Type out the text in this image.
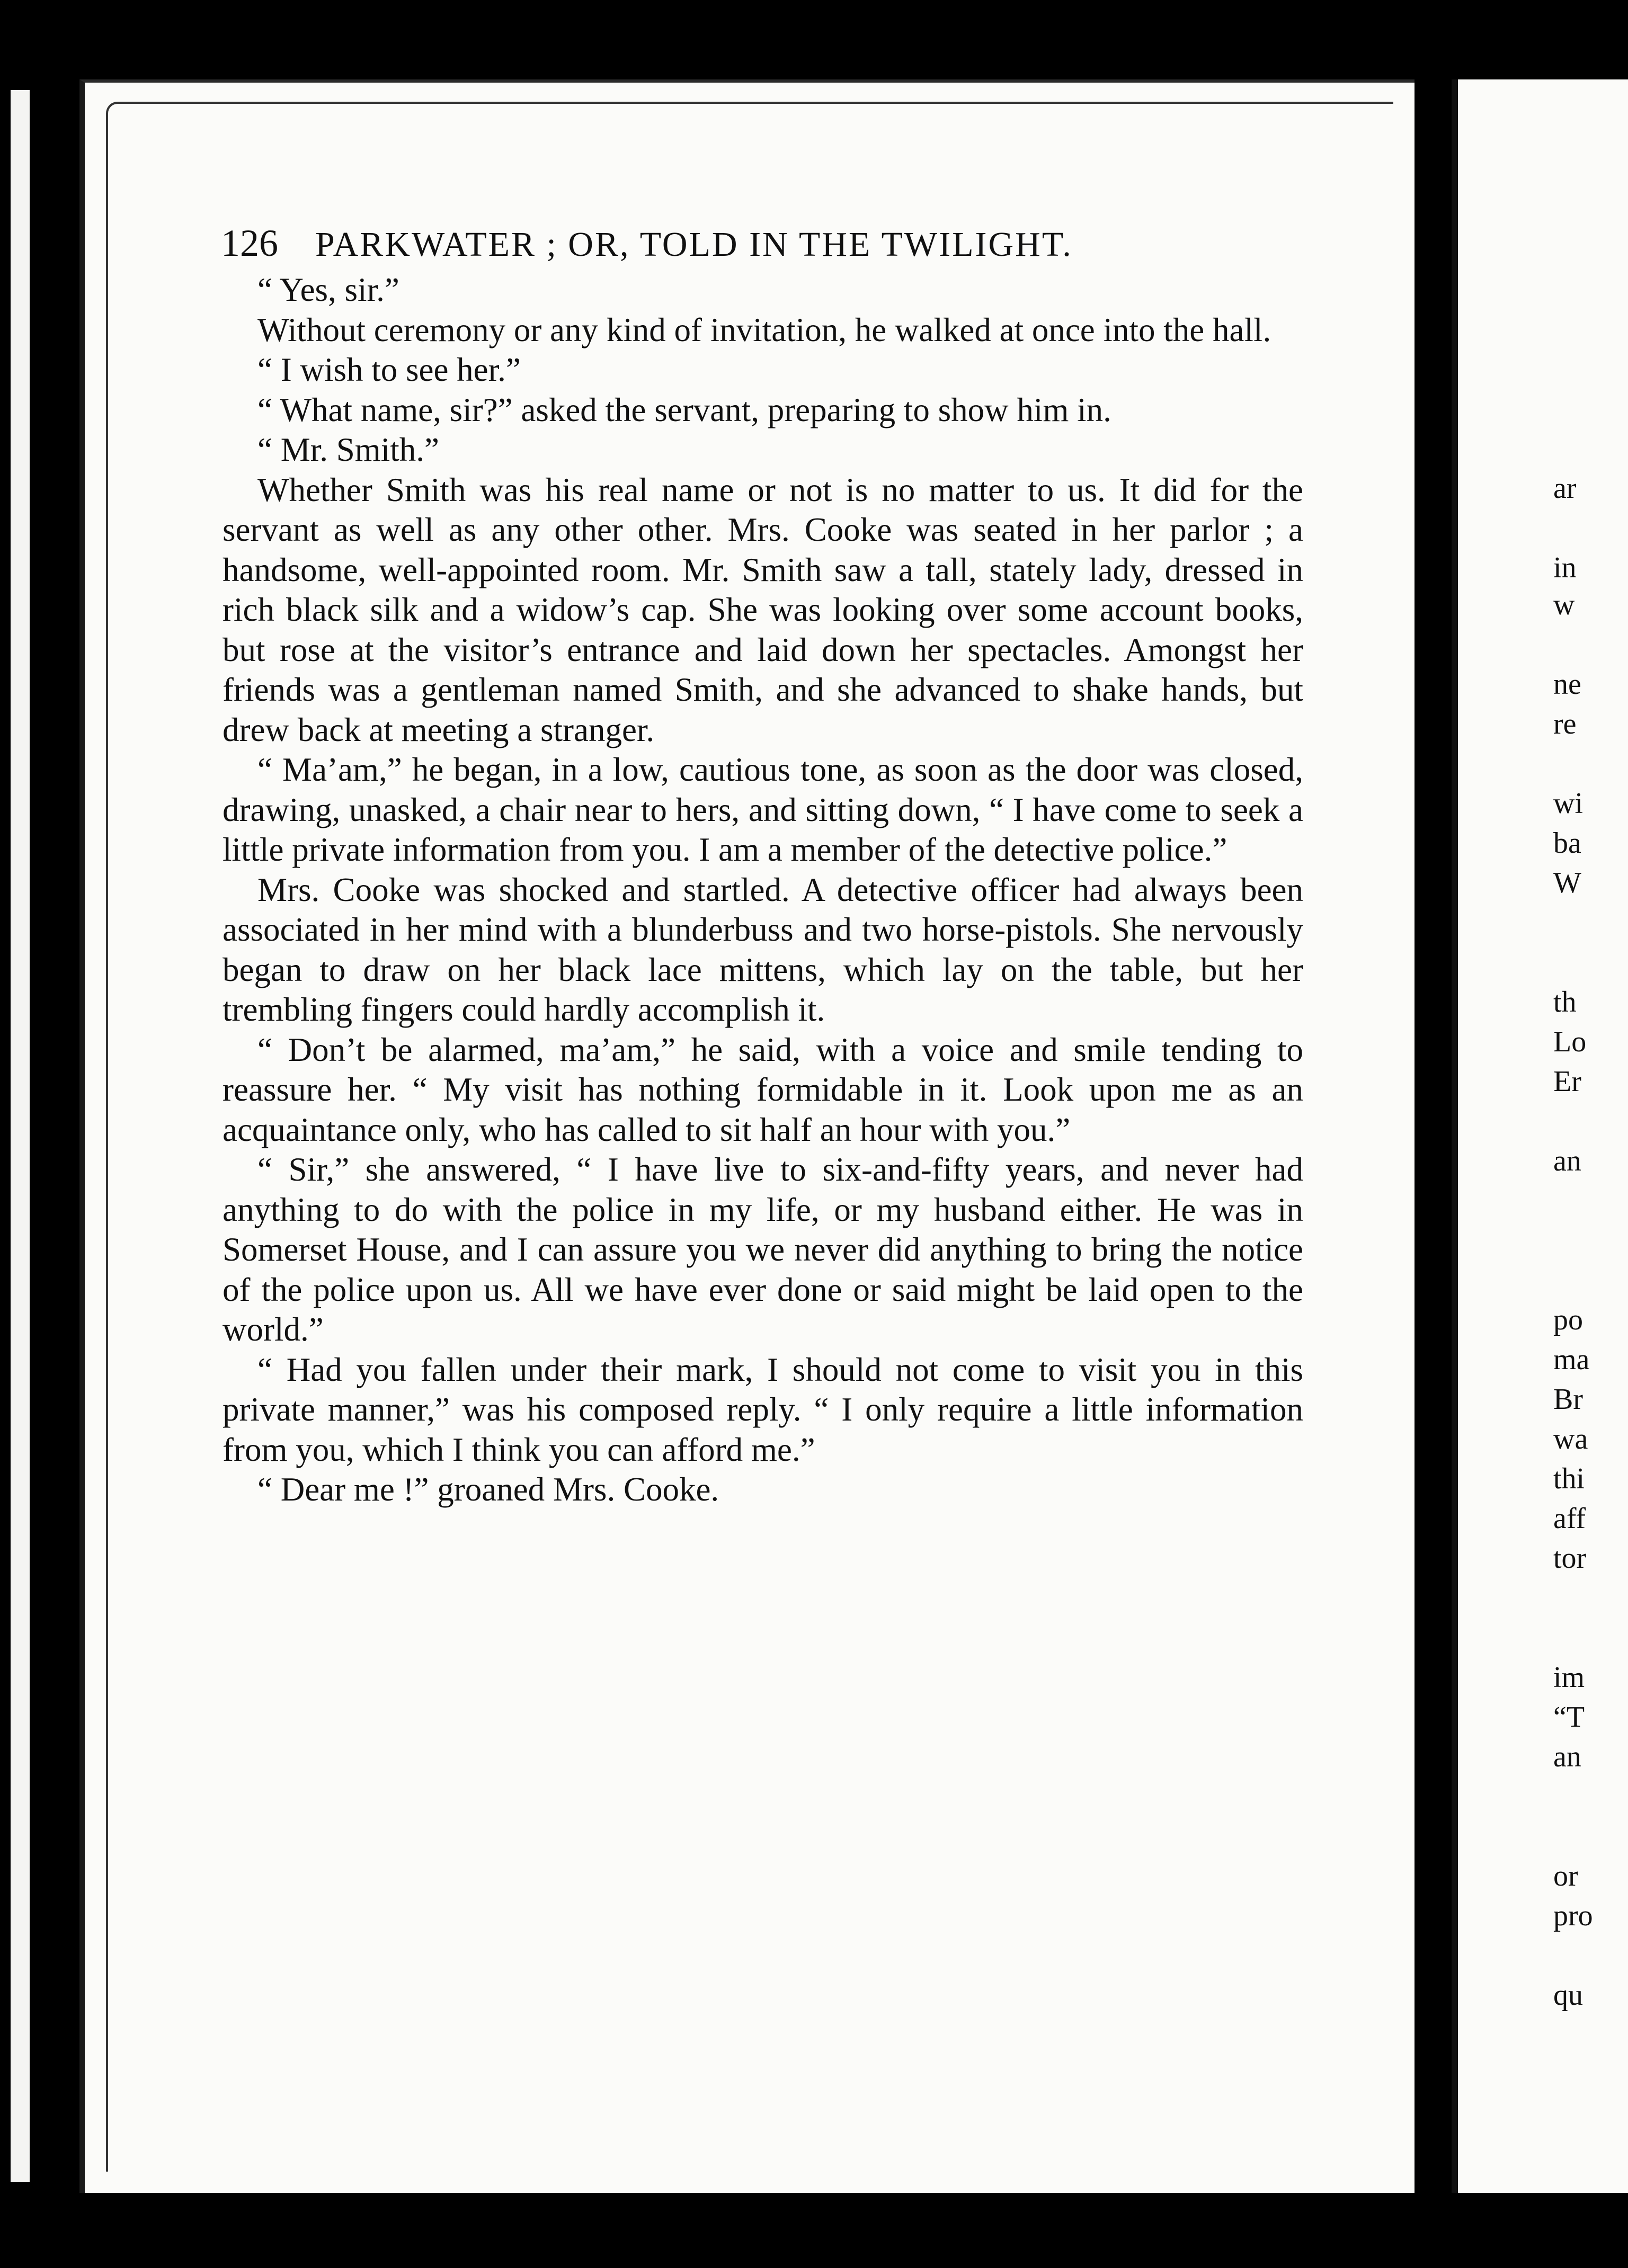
126 PARKWATER ; OR, TOLD IN THE TWILIGHT.

“ Yes, sir.”

Without ceremony or any kind of invitation, he walked at once into the hall.

“ I wish to see her.”

“ What name, sir?” asked the servant, preparing to show him in.

“ Mr. Smith.”

Whether Smith was his real name or not is no matter to us. It did for the servant as well as any other other. Mrs. Cooke was seated in her parlor ; a handsome, well-appointed room. Mr. Smith saw a tall, stately lady, dressed in rich black silk and a widow’s cap. She was looking over some account books, but rose at the visitor’s entrance and laid down her spectacles. Amongst her friends was a gentleman named Smith, and she advanced to shake hands, but drew back at meeting a stranger.

“ Ma’am,” he began, in a low, cautious tone, as soon as the door was closed, drawing, unasked, a chair near to hers, and sitting down, “ I have come to seek a little private information from you. I am a member of the detective police.”

Mrs. Cooke was shocked and startled. A detective officer had always been associated in her mind with a blunderbuss and two horse-pistols. She nervously began to draw on her black lace mittens, which lay on the table, but her trembling fingers could hardly accomplish it.

“ Don’t be alarmed, ma’am,” he said, with a voice and smile tending to reassure her. “ My visit has nothing formidable in it. Look upon me as an acquaintance only, who has called to sit half an hour with you.”

“ Sir,” she answered, “ I have live to six-and-fifty years, and never had anything to do with the police in my life, or my husband either. He was in Somerset House, and I can assure you we never did anything to bring the notice of the police upon us. All we have ever done or said might be laid open to the world.”

“ Had you fallen under their mark, I should not come to visit you in this private manner,” was his composed reply. “ I only require a little information from you, which I think you can afford me.”

“ Dear me !” groaned Mrs. Cooke.

ar
in
w
ne
re
wi
ba
W
th
Lo
Er
an
po
ma
Br
wa
thi
aff
tor
im
“T
an
or
pro
qu
